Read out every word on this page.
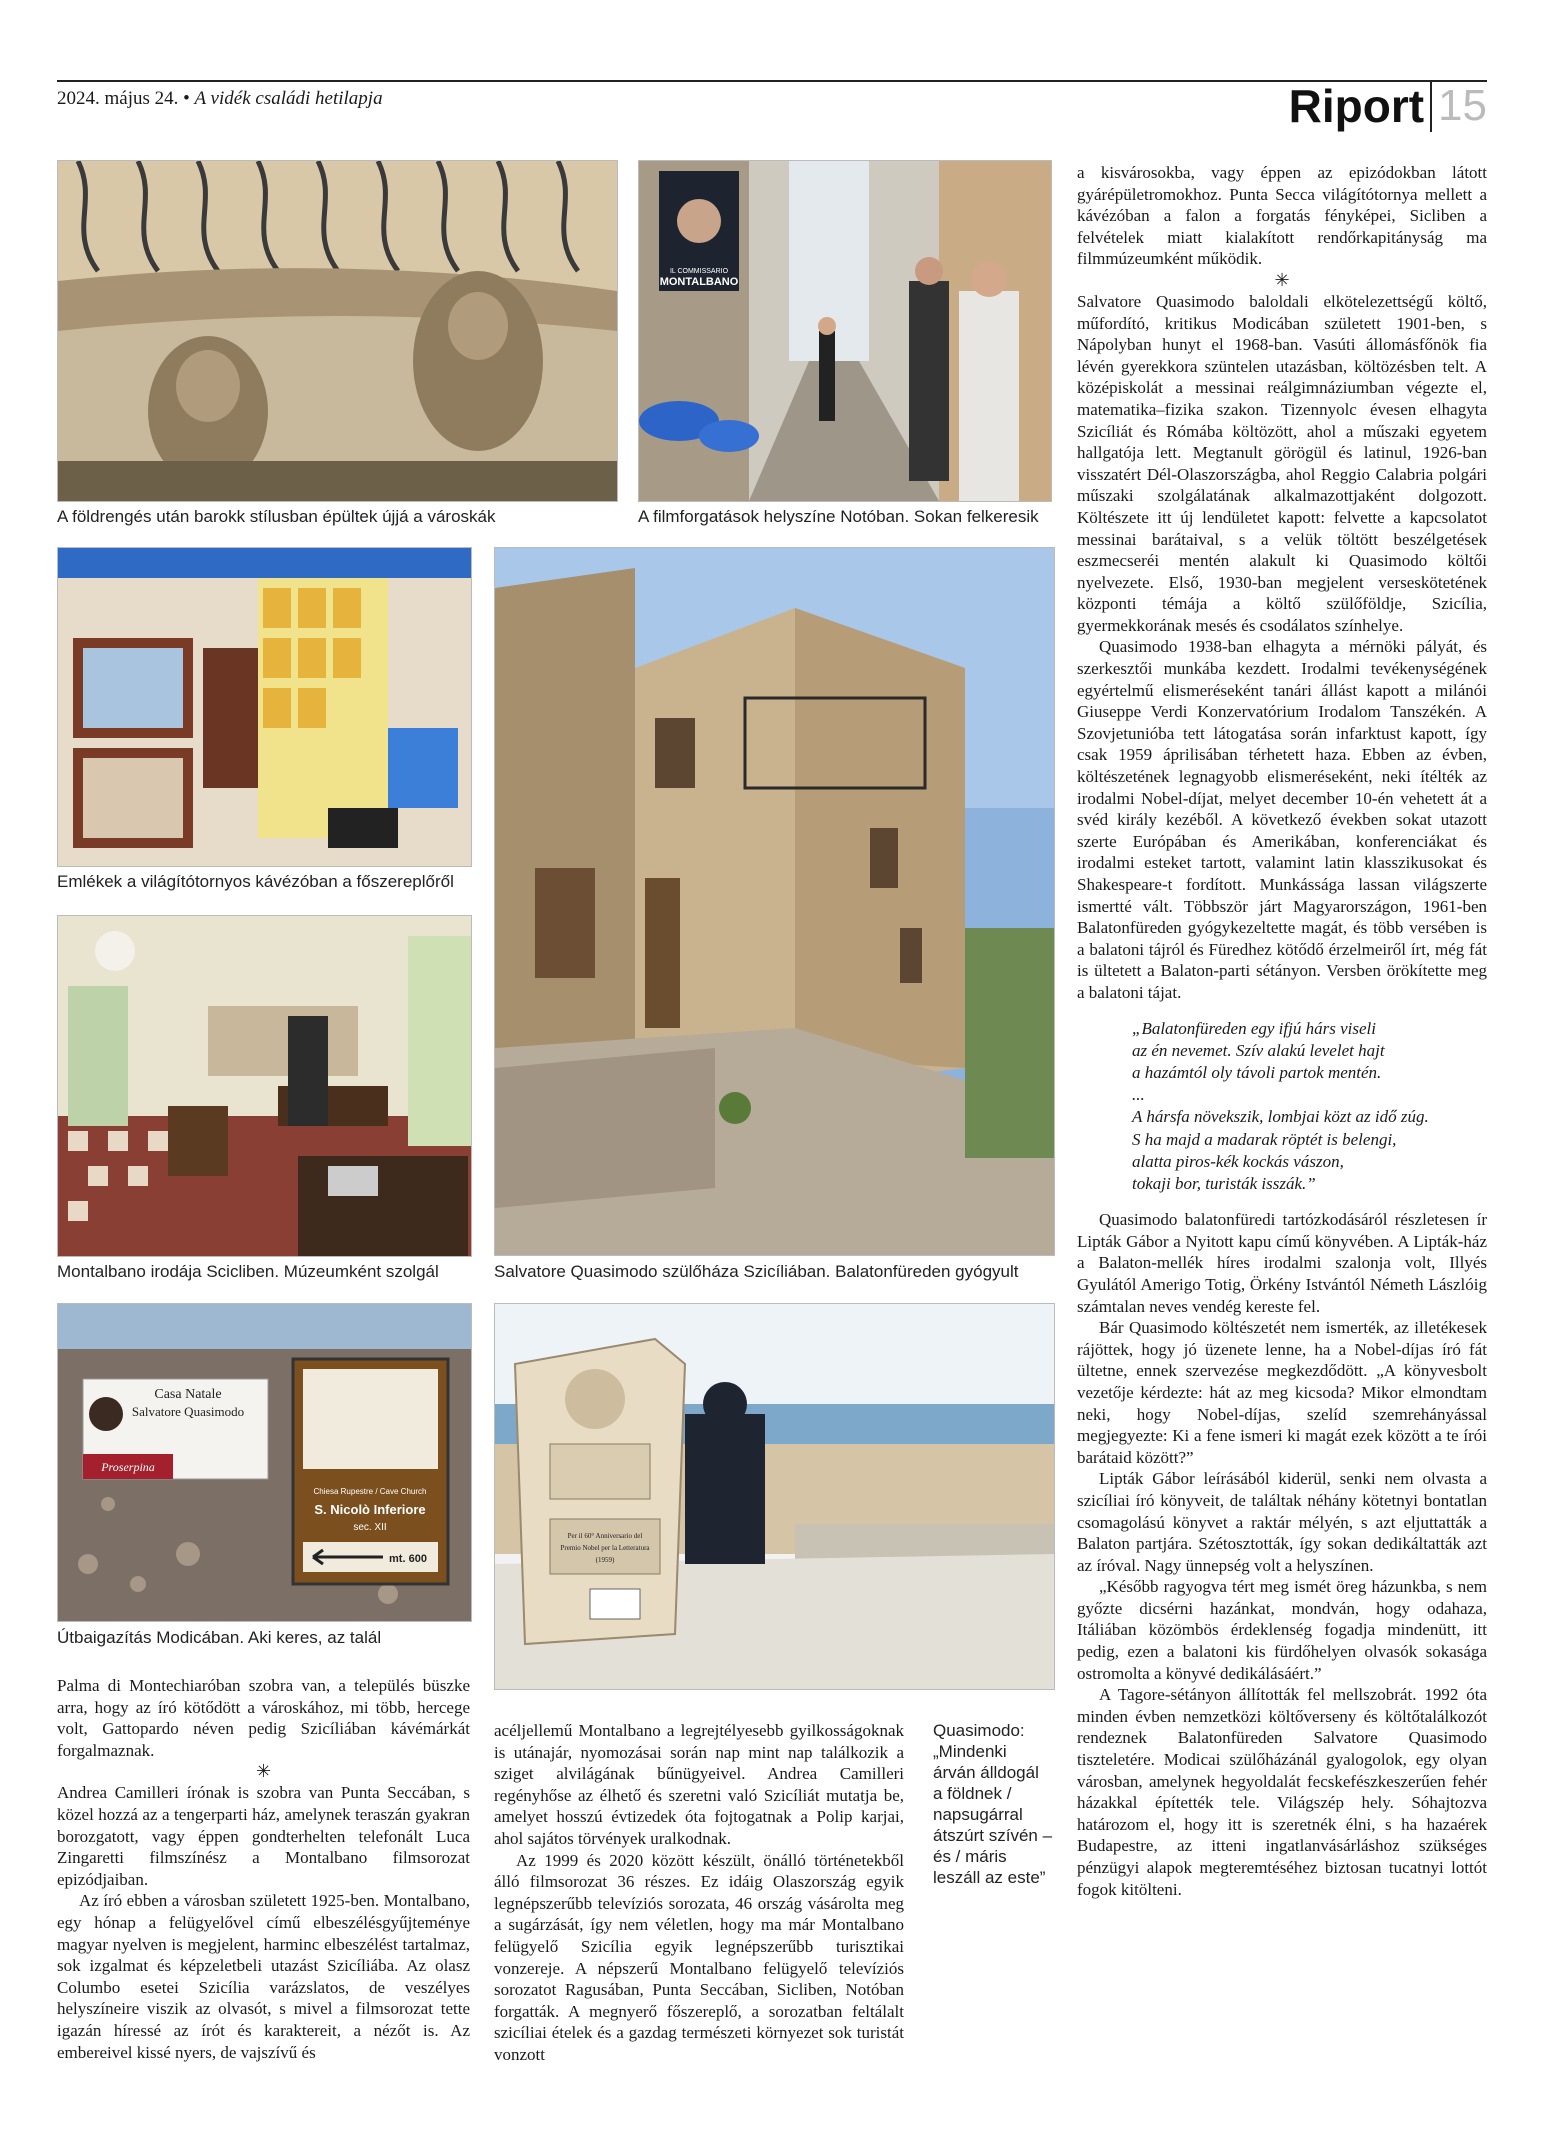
2024. május 24. • A vidék családi hetilapja	Riport 15
A földrengés után barokk stílusban épültek újjá a városkák
IL COMMISSARIO
MONTALBANO
A filmforgatások helyszíne Notóban. Sokan felkeresik
Emlékek a világítótornyos kávézóban a főszereplőről
Montalbano irodája Scicliben. Múzeumként szolgál	Salvatore Quasimodo szülőháza Szicíliában. Balatonfüreden gyógyult
Casa Natale
Salvatore Quasimodo
Proserpina
Chiesa Rupestre / Cave Church
S. Nicolò Inferiore
sec. XII
mt. 600
Útbaigazítás Modicában. Aki keres, az talál
Per il 60° Anniversario del
Premio Nobel per la Letteratura
(1959)

Palma di Montechiaróban szobra van, a település büszke arra, hogy az író kötődött a városkához, mi több, hercege volt, Gattopardo néven pedig Szicíliában kávémárkát forgalmaznak.

✳

Andrea Camilleri írónak is szobra van Punta Seccában, s közel hozzá az a tengerparti ház, amelynek teraszán gyakran borozgatott, vagy éppen gondterhelten telefonált Luca Zingaretti filmszínész a Montalbano filmsorozat epizódjaiban.

Az író ebben a városban született 1925-ben. Montalbano, egy hónap a felügyelővel című elbeszélésgyűjteménye magyar nyelven is megjelent, harminc elbeszélést tartalmaz, sok izgalmat és képzeletbeli utazást Szicíliába. Az olasz Columbo esetei Szicília varázslatos, de veszélyes helyszíneire viszik az olvasót, s mivel a filmsorozat tette igazán híressé az írót és karaktereit, a nézőt is. Az embereivel kissé nyers, de vajszívű és

acéljellemű Montalbano a legrejtélyesebb gyilkosságoknak is utánajár, nyomozásai során nap mint nap találkozik a sziget alvilágának bűnügyeivel. Andrea Camilleri regényhőse az élhető és szeretni való Szicíliát mutatja be, amelyet hosszú évtizedek óta fojtogatnak a Polip karjai, ahol sajátos törvények uralkodnak.

Az 1999 és 2020 között készült, önálló történetekből álló filmsorozat 36 részes. Ez idáig Olaszország egyik legnépszerűbb televíziós sorozata, 46 ország vásárolta meg a sugárzását, így nem véletlen, hogy ma már Montalbano felügyelő Szicília egyik legnépszerűbb turisztikai vonzereje. A népszerű Montalbano felügyelő televíziós sorozatot Ragusában, Punta Seccában, Sicliben, Notóban forgatták. A megnyerő főszereplő, a sorozatban feltálalt szicíliai ételek és a gazdag természeti környezet sok turistát vonzott

Quasimodo:
„Mindenki
árván álldogál
a földnek /
napsugárral
átszúrt szívén –
és / máris
leszáll az este”

a kisvárosokba, vagy éppen az epizódokban látott gyárépületromokhoz. Punta Secca világítótornya mellett a kávézóban a falon a forgatás fényképei, Sicliben a felvételek miatt kialakított rendőrkapitányság ma filmmúzeumként működik.

✳

Salvatore Quasimodo baloldali elkötelezettségű költő, műfordító, kritikus Modicában született 1901-ben, s Nápolyban hunyt el 1968-ban. Vasúti állomásfőnök fia lévén gyerekkora szüntelen utazásban, költözésben telt. A középiskolát a messinai reálgimnáziumban végezte el, matematika–fizika szakon. Tizennyolc évesen elhagyta Szicíliát és Rómába költözött, ahol a műszaki egyetem hallgatója lett. Megtanult görögül és latinul, 1926-ban visszatért Dél-Olaszországba, ahol Reggio Calabria polgári műszaki szolgálatának alkalmazottjaként dolgozott. Költészete itt új lendületet kapott: felvette a kapcsolatot messinai barátaival, s a velük töltött beszélgetések eszmecseréi mentén alakult ki Quasimodo költői nyelvezete. Első, 1930-ban megjelent verseskötetének központi témája a költő szülőföldje, Szicília, gyermekkorának mesés és csodálatos színhelye.

Quasimodo 1938-ban elhagyta a mérnöki pályát, és szerkesztői munkába kezdett. Irodalmi tevékenységének egyértelmű elismeréseként tanári állást kapott a milánói Giuseppe Verdi Konzervatórium Irodalom Tanszékén. A Szovjetunióba tett látogatása során infarktust kapott, így csak 1959 áprilisában térhetett haza. Ebben az évben, költészetének legnagyobb elismeréseként, neki ítélték az irodalmi Nobel-díjat, melyet december 10-én vehetett át a svéd király kezéből. A következő években sokat utazott szerte Európában és Amerikában, konferenciákat és irodalmi esteket tartott, valamint latin klasszikusokat és Shakespeare-t fordított. Munkássága lassan világszerte ismertté vált. Többször járt Magyarországon, 1961-ben Balatonfüreden gyógykezeltette magát, és több versében is a balatoni tájról és Füredhez kötődő érzelmeiről írt, még fát is ültetett a Balaton-parti sétányon. Versben örökítette meg a balatoni tájat.

„Balatonfüreden egy ifjú hárs viseli
az én nevemet. Szív alakú levelet hajt
a hazámtól oly távoli partok mentén.
...
A hársfa növekszik, lombjai közt az idő zúg.
S ha majd a madarak röptét is belengi,
alatta piros-kék kockás vászon,
tokaji bor, turisták isszák.”

Quasimodo balatonfüredi tartózkodásáról részletesen ír Lipták Gábor a Nyitott kapu című könyvében. A Lipták-ház a Balaton-mellék híres irodalmi szalonja volt, Illyés Gyulától Amerigo Totig, Örkény Istvántól Németh Lászlóig számtalan neves vendég kereste fel.

Bár Quasimodo költészetét nem ismerték, az illetékesek rájöttek, hogy jó üzenete lenne, ha a Nobel-díjas író fát ültetne, ennek szervezése megkezdődött. „A könyvesbolt vezetője kérdezte: hát az meg kicsoda? Mikor elmondtam neki, hogy Nobel-díjas, szelíd szemrehányással megjegyezte: Ki a fene ismeri ki magát ezek között a te írói barátaid között?”

Lipták Gábor leírásából kiderül, senki nem olvasta a szicíliai író könyveit, de találtak néhány kötetnyi bontatlan csomagolású könyvet a raktár mélyén, s azt eljuttatták a Balaton partjára. Szétosztották, így sokan dedikáltatták azt az íróval. Nagy ünnepség volt a helyszínen.

„Később ragyogva tért meg ismét öreg házunkba, s nem győzte dicsérni hazánkat, mondván, hogy odahaza, Itáliában közömbös érdeklenség fogadja mindenütt, itt pedig, ezen a balatoni kis fürdőhelyen olvasók sokasága ostromolta a könyvé dedikálásáért.”

A Tagore-sétányon állították fel mellszobrát. 1992 óta minden évben nemzetközi költőverseny és költőtalálkozót rendeznek Balatonfüreden Salvatore Quasimodo tiszteletére. Modicai szülőházánál gyalogolok, egy olyan városban, amelynek hegyoldalát fecskefészkeszerűen fehér házakkal építették tele. Világszép hely. Sóhajtozva határozom el, hogy itt is szeretnék élni, s ha hazaérek Budapestre, az itteni ingatlanvásárláshoz szükséges pénzügyi alapok megteremtéséhez biztosan tucatnyi lottót fogok kitölteni.
